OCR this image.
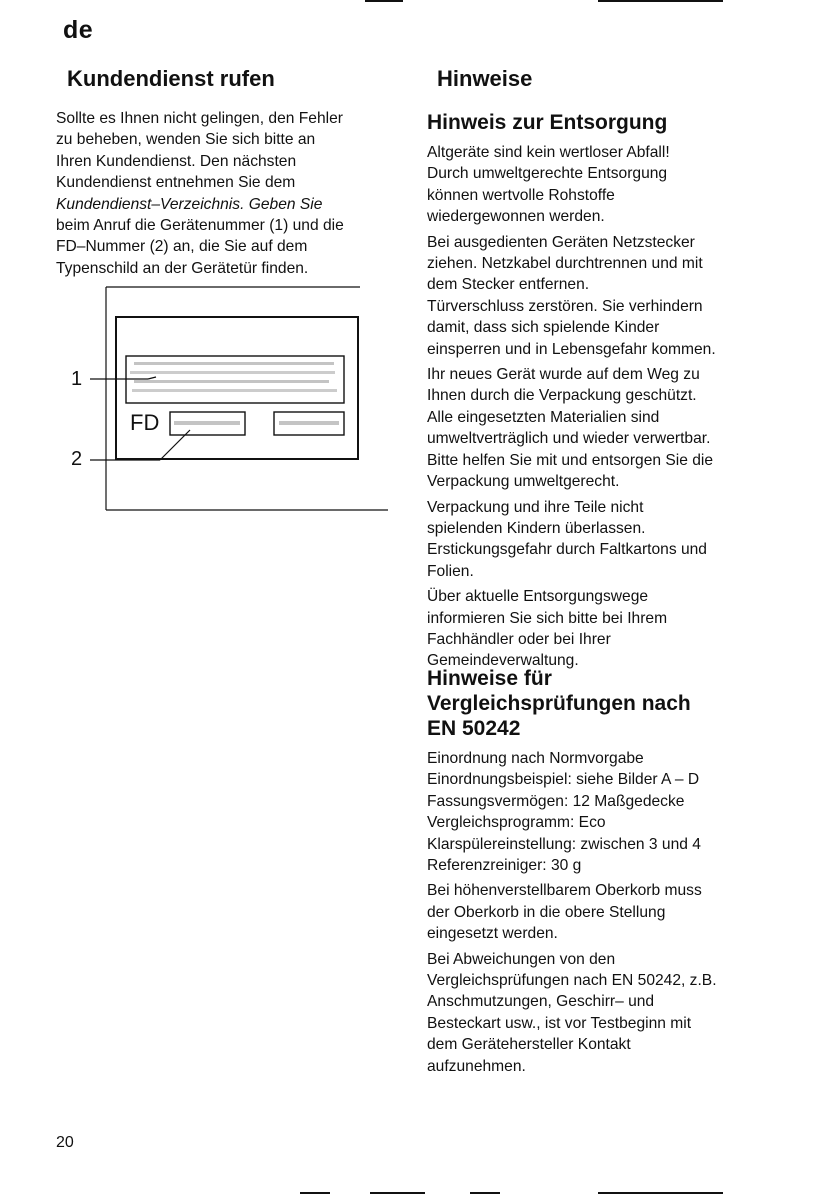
de
Kundendienst rufen
Sollte es Ihnen nicht gelingen, den Fehler
zu beheben, wenden Sie sich bitte an
Ihren Kundendienst. Den nächsten
Kundendienst entnehmen Sie dem
Kundendienst–Verzeichnis. Geben Sie
beim Anruf die Gerätenummer (1) und die
FD–Nummer (2) an, die Sie auf dem
Typenschild an der Gerätetür finden.
1
2
FD
Hinweise
Hinweis zur Entsorgung
Altgeräte sind kein wertloser Abfall!
Durch umweltgerechte Entsorgung
können wertvolle Rohstoffe
wiedergewonnen werden.
Bei ausgedienten Geräten Netzstecker
ziehen. Netzkabel durchtrennen und mit
dem Stecker entfernen.
Türverschluss zerstören. Sie verhindern
damit, dass sich spielende Kinder
einsperren und in Lebensgefahr kommen.
Ihr neues Gerät wurde auf dem Weg zu
Ihnen durch die Verpackung geschützt.
Alle eingesetzten Materialien sind
umweltverträglich und wieder verwertbar.
Bitte helfen Sie mit und entsorgen Sie die
Verpackung umweltgerecht.
Verpackung und ihre Teile nicht
spielenden Kindern überlassen.
Erstickungsgefahr durch Faltkartons und
Folien.
Über aktuelle Entsorgungswege
informieren Sie sich bitte bei Ihrem
Fachhändler oder bei Ihrer
Gemeindeverwaltung.
Hinweise für
Vergleichsprüfungen nach
EN 50242
Einordnung nach Normvorgabe
Einordnungsbeispiel: siehe Bilder A – D
Fassungsvermögen: 12 Maßgedecke
Vergleichsprogramm: Eco
Klarspülereinstellung: zwischen 3 und 4
Referenzreiniger: 30 g
Bei höhenverstellbarem Oberkorb muss
der Oberkorb in die obere Stellung
eingesetzt werden.
Bei Abweichungen von den
Vergleichsprüfungen nach EN 50242, z.B.
Anschmutzungen, Geschirr– und
Besteckart usw., ist vor Testbeginn mit
dem Gerätehersteller Kontakt
aufzunehmen.
20
